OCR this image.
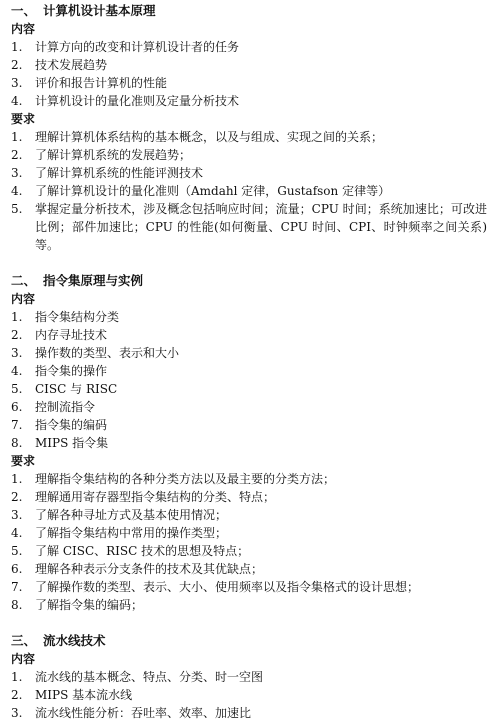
一、 计算机设计基本原理
内容
1. 计算方向的改变和计算机设计者的任务
2. 技术发展趋势
3. 评价和报告计算机的性能
4. 计算机设计的量化准则及定量分析技术
要求
1. 理解计算机体系结构的基本概念，以及与组成、实现之间的关系；
2. 了解计算机系统的发展趋势；
3. 了解计算机系统的性能评测技术
4. 了解计算机设计的量化准则（Amdahl 定律，Gustafson 定律等）
5. 掌握定量分析技术，涉及概念包括响应时间；流量；CPU 时间；系统加速比；可改进比例；部件加速比；CPU 的性能(如何衡量、CPU 时间、CPI、时钟频率之间关系)等。
二、 指令集原理与实例
内容
1. 指令集结构分类
2. 内存寻址技术
3. 操作数的类型、表示和大小
4. 指令集的操作
5. CISC 与 RISC
6. 控制流指令
7. 指令集的编码
8. MIPS 指令集
要求
1. 理解指令集结构的各种分类方法以及最主要的分类方法；
2. 理解通用寄存器型指令集结构的分类、特点；
3. 了解各种寻址方式及基本使用情况；
4. 了解指令集结构中常用的操作类型；
5. 了解 CISC、RISC 技术的思想及特点；
6. 理解各种表示分支条件的技术及其优缺点；
7. 了解操作数的类型、表示、大小、使用频率以及指令集格式的设计思想；
8. 了解指令集的编码；
三、 流水线技术
内容
1. 流水线的基本概念、特点、分类、时一空图
2. MIPS 基本流水线
3. 流水线性能分析：吞吐率、效率、加速比
